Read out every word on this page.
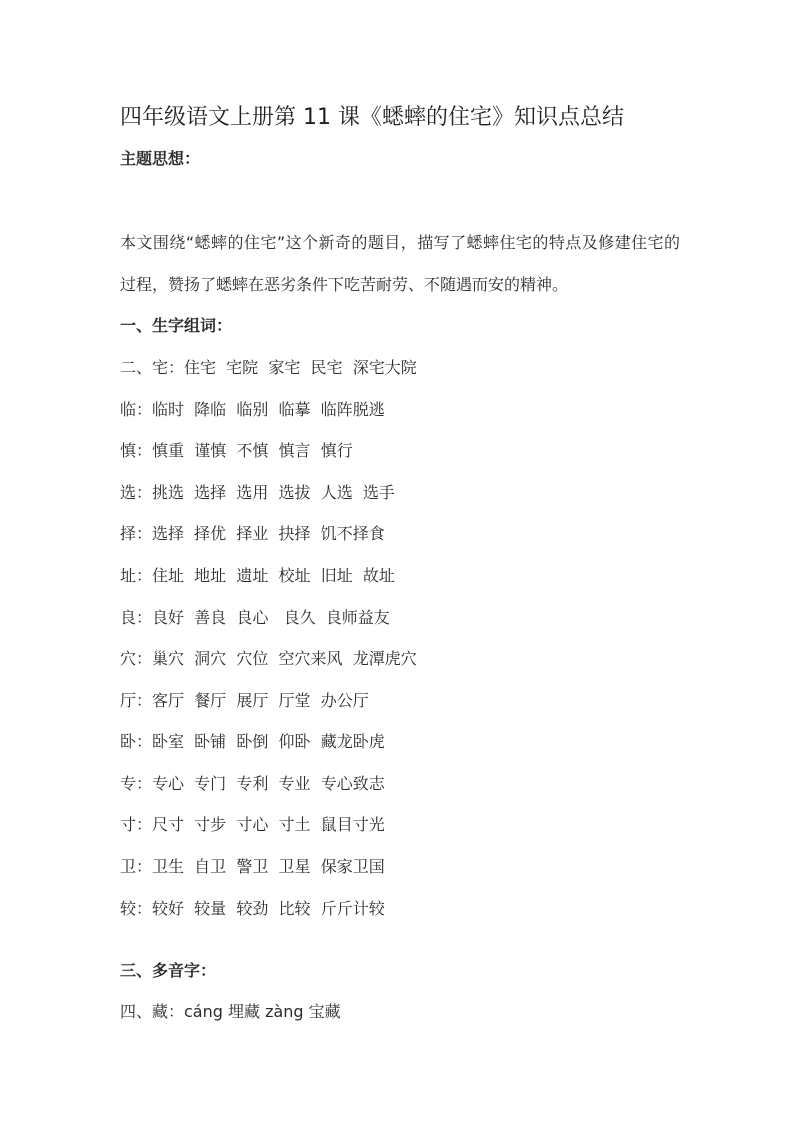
四年级语文上册第 11 课《蟋蟀的住宅》知识点总结
主题思想：

本文围绕“蟋蟀的住宅”这个新奇的题目，描写了蟋蟀住宅的特点及修建住宅的过程，赞扬了蟋蟀在恶劣条件下吃苦耐劳、不随遇而安的精神。

一、生字组词：

二、宅：住宅  宅院  家宅  民宅  深宅大院

临：临时  降临  临别  临摹  临阵脱逃

慎：慎重  谨慎  不慎  慎言  慎行

选：挑选  选择  选用  选拔  人选  选手

择：选择  择优  择业  抉择  饥不择食

址：住址  地址  遗址  校址  旧址  故址

良：良好  善良  良心   良久  良师益友

穴：巢穴  洞穴  穴位  空穴来风  龙潭虎穴

厅：客厅  餐厅  展厅  厅堂  办公厅

卧：卧室  卧铺  卧倒  仰卧  藏龙卧虎

专：专心  专门  专利  专业  专心致志

寸：尺寸  寸步  寸心  寸土  鼠目寸光

卫：卫生  自卫  警卫  卫星  保家卫国

较：较好  较量  较劲  比较  斤斤计较

三、多音字：

四、藏：cáng 埋藏 zàng 宝藏
